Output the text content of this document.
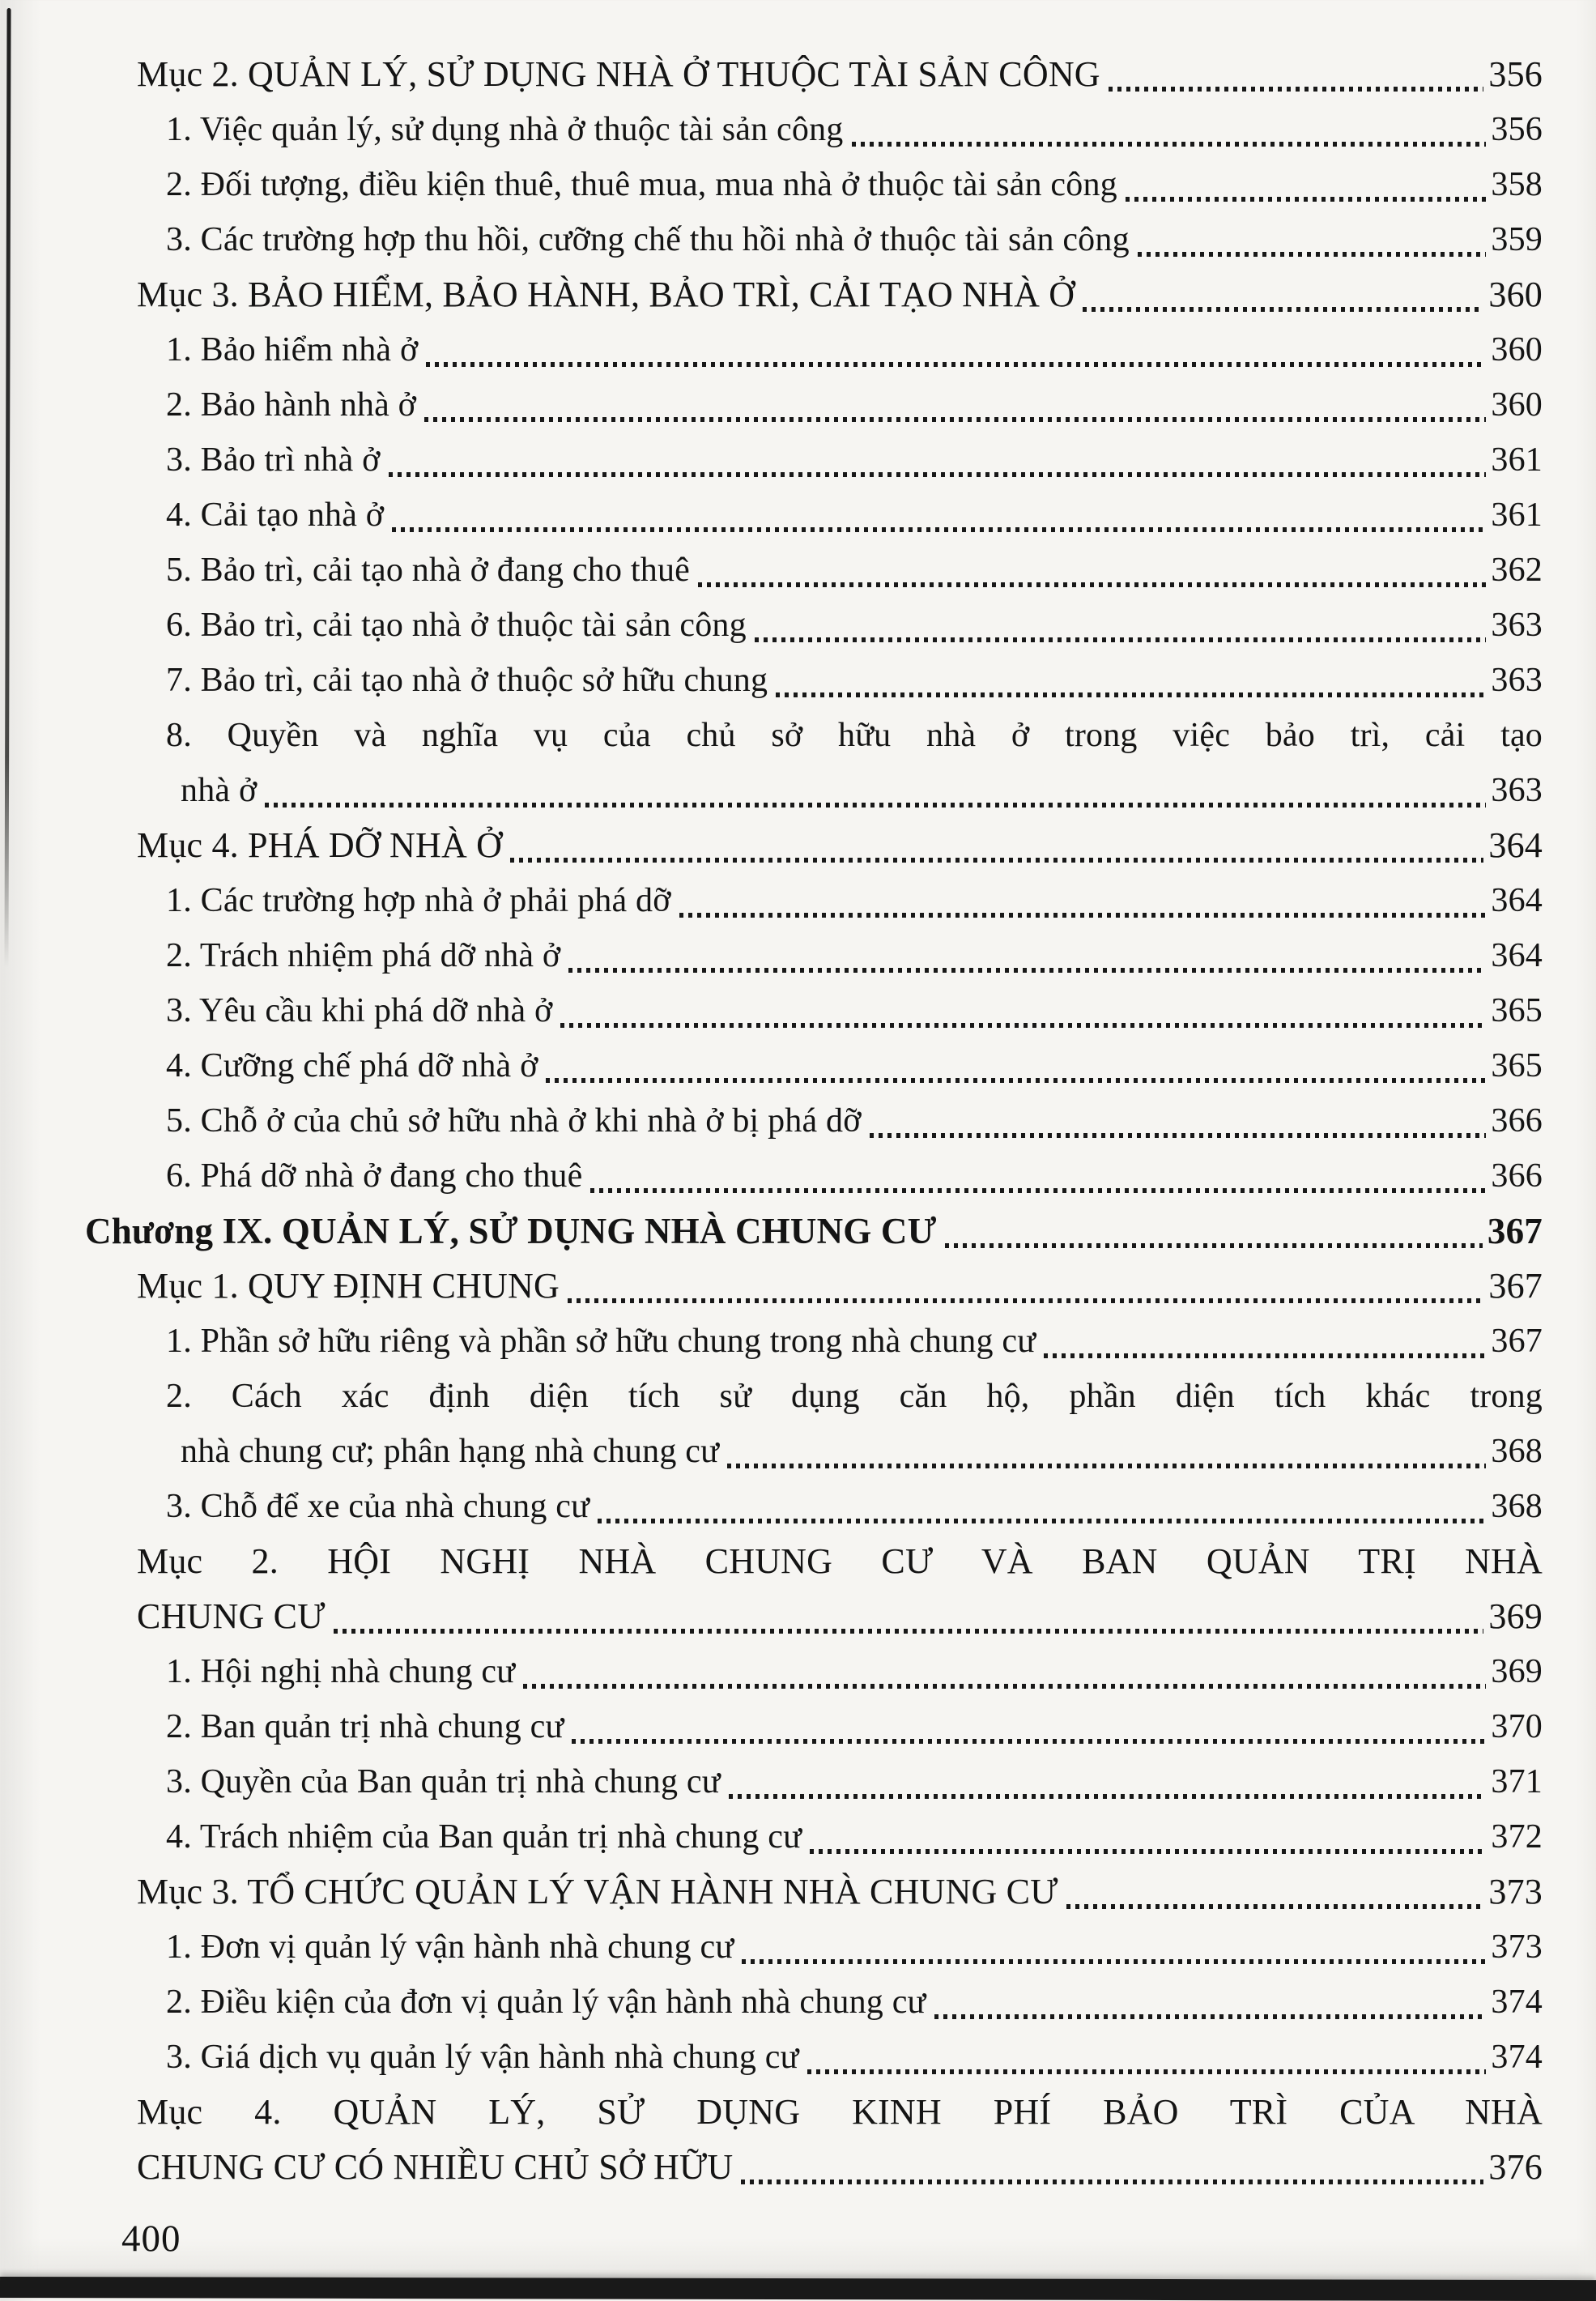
Mục 2. QUẢN LÝ, SỬ DỤNG NHÀ Ở THUỘC TÀI SẢN CÔNG	356
1. Việc quản lý, sử dụng nhà ở thuộc tài sản công	356
2. Đối tượng, điều kiện thuê, thuê mua, mua nhà ở thuộc tài sản công	358
3. Các trường hợp thu hồi, cưỡng chế thu hồi nhà ở thuộc tài sản công	359
Mục 3. BẢO HIỂM, BẢO HÀNH, BẢO TRÌ, CẢI TẠO NHÀ Ở	360
1. Bảo hiểm nhà ở	360
2. Bảo hành nhà ở	360
3. Bảo trì nhà ở	361
4. Cải tạo nhà ở	361
5. Bảo trì, cải tạo nhà ở đang cho thuê	362
6. Bảo trì, cải tạo nhà ở thuộc tài sản công	363
7. Bảo trì, cải tạo nhà ở thuộc sở hữu chung	363
8. Quyền và nghĩa vụ của chủ sở hữu nhà ở trong việc bảo trì, cải tạo
nhà ở	363
Mục 4. PHÁ DỠ NHÀ Ở	364
1. Các trường hợp nhà ở phải phá dỡ	364
2. Trách nhiệm phá dỡ nhà ở	364
3. Yêu cầu khi phá dỡ nhà ở	365
4. Cưỡng chế phá dỡ nhà ở	365
5. Chỗ ở của chủ sở hữu nhà ở khi nhà ở bị phá dỡ	366
6. Phá dỡ nhà ở đang cho thuê	366
Chương IX. QUẢN LÝ, SỬ DỤNG NHÀ CHUNG CƯ	367
Mục 1. QUY ĐỊNH CHUNG	367
1. Phần sở hữu riêng và phần sở hữu chung trong nhà chung cư	367
2. Cách xác định diện tích sử dụng căn hộ, phần diện tích khác trong
nhà chung cư; phân hạng nhà chung cư	368
3. Chỗ để xe của nhà chung cư	368
Mục 2. HỘI NGHỊ NHÀ CHUNG CƯ VÀ BAN QUẢN TRỊ NHÀ
CHUNG CƯ	369
1. Hội nghị nhà chung cư	369
2. Ban quản trị nhà chung cư	370
3. Quyền của Ban quản trị nhà chung cư	371
4. Trách nhiệm của Ban quản trị nhà chung cư	372
Mục 3. TỔ CHỨC QUẢN LÝ VẬN HÀNH NHÀ CHUNG CƯ	373
1. Đơn vị quản lý vận hành nhà chung cư	373
2. Điều kiện của đơn vị quản lý vận hành nhà chung cư	374
3. Giá dịch vụ quản lý vận hành nhà chung cư	374
Mục 4. QUẢN LÝ, SỬ DỤNG KINH PHÍ BẢO TRÌ CỦA NHÀ
CHUNG CƯ CÓ NHIỀU CHỦ SỞ HỮU	376
400
